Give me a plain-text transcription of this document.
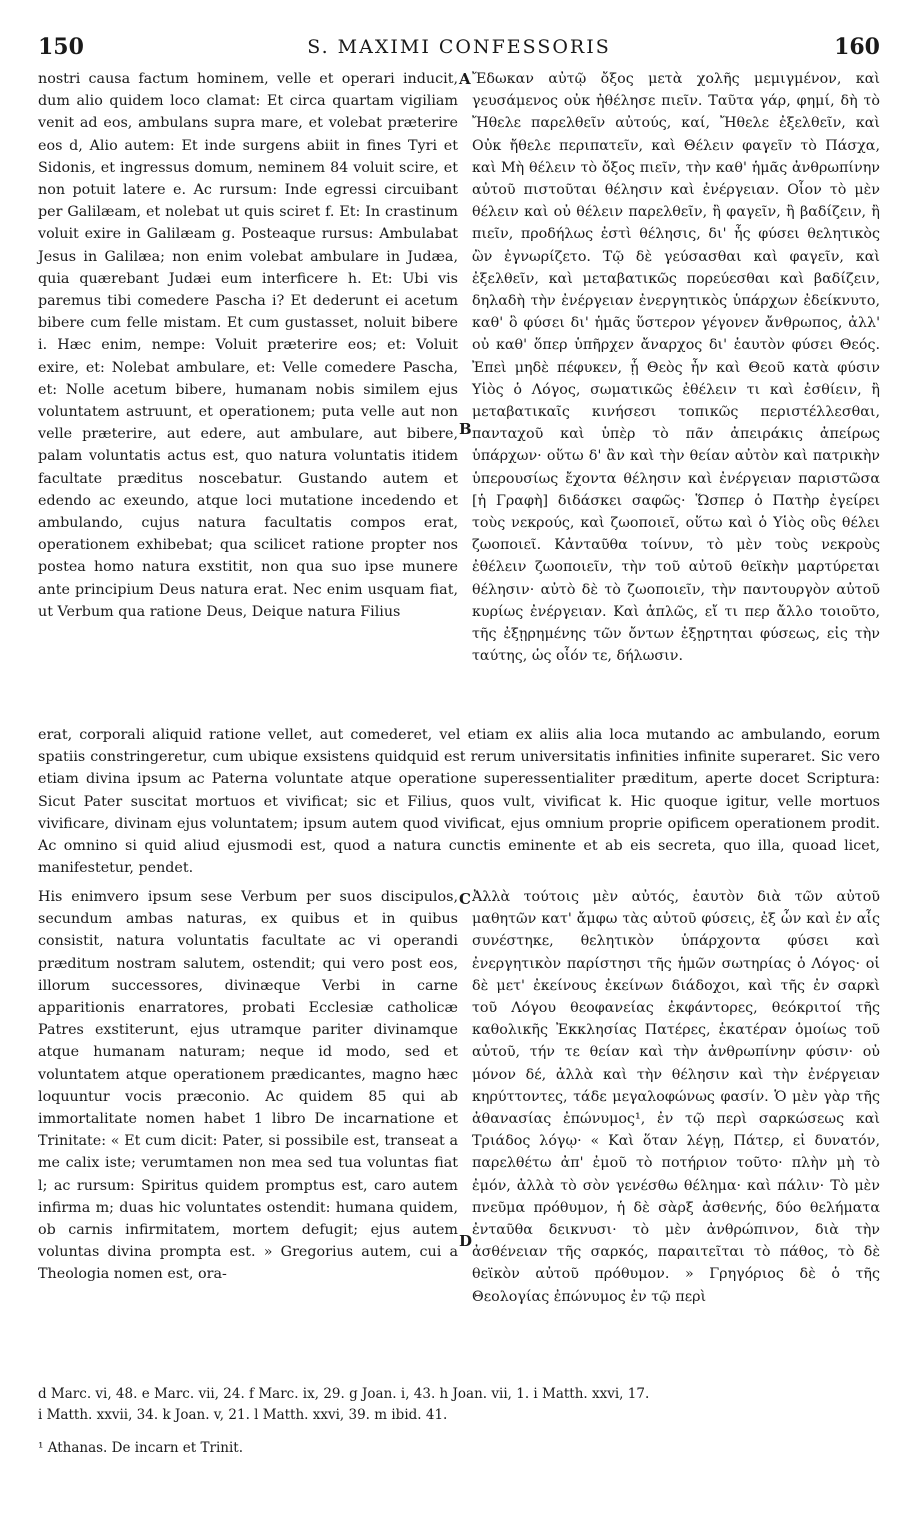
150	S. MAXIMI CONFESSORIS	160
nostri causa factum hominem, velle et operari inducit, dum alio quidem loco clamat: Et circa quartam vigiliam venit ad eos, ambulans supra mare, et volebat præterire eos d, Alio autem: Et inde surgens abiit in fines Tyri et Sidonis, et ingressus domum, neminem 84 voluit scire, et non potuit latere e. Ac rursum: Inde egressi circuibant per Galilæam, et nolebat ut quis sciret f. Et: In crastinum voluit exire in Galilæam g. Posteaque rursus: Ambulabat Jesus in Galilæa; non enim volebat ambulare in Judæa, quia quærebant Judæi eum interficere h. Et: Ubi vis paremus tibi comedere Pascha i? Et dederunt ei acetum bibere cum felle mistam. Et cum gustasset, noluit bibere i. Hæc enim, nempe: Voluit præterire eos; et: Voluit exire, et: Nolebat ambulare, et: Velle comedere Pascha, et: Nolle acetum bibere, humanam nobis similem ejus voluntatem astruunt, et operationem; puta velle aut non velle præterire, aut edere, aut ambulare, aut bibere, palam voluntatis actus est, quo natura voluntatis itidem facultate præditus noscebatur. Gustando autem et edendo ac exeundo, atque loci mutatione incedendo et ambulando, cujus natura facultatis compos erat, operationem exhibebat; qua scilicet ratione propter nos postea homo natura exstitit, non qua suo ipse munere ante principium Deus natura erat. Nec enim usquam fiat, ut Verbum qua ratione Deus, Deique natura Filius
A
B
Ἔδωκαν αὐτῷ ὄξος μετὰ χολῆς μεμιγμένον, καὶ γευσάμενος οὐκ ἠθέλησε πιεῖν. Ταῦτα γάρ, φημί, δὴ τὸ Ἤθελε παρελθεῖν αὐτούς, καί, Ἤθελε ἐξελθεῖν, καὶ Οὐκ ἤθελε περιπατεῖν, καὶ Θέλειν φαγεῖν τὸ Πάσχα, καὶ Μὴ θέλειν τὸ ὄξος πιεῖν, τὴν καθ' ἡμᾶς ἀνθρωπίνην αὐτοῦ πιστοῦται θέλησιν καὶ ἐνέργειαν. Οἷον τὸ μὲν θέλειν καὶ οὐ θέλειν παρελθεῖν, ἢ φαγεῖν, ἢ βαδίζειν, ἢ πιεῖν, προδήλως ἐστὶ θέλησις, δι' ἧς φύσει θελητικὸς ὢν ἐγνωρίζετο. Τῷ δὲ γεύσασθαι καὶ φαγεῖν, καὶ ἐξελθεῖν, καὶ μεταβατικῶς πορεύεσθαι καὶ βαδίζειν, δηλαδὴ τὴν ἐνέργειαν ἐνεργητικὸς ὑπάρχων ἐδείκνυτο, καθ' ὃ φύσει δι' ἡμᾶς ὕστερον γέγονεν ἄνθρωπος, ἀλλ' οὐ καθ' ὅπερ ὑπῆρχεν ἄναρχος δι' ἑαυτὸν φύσει Θεός. Ἐπεὶ μηδὲ πέφυκεν, ᾗ Θεὸς ἦν καὶ Θεοῦ κατὰ φύσιν Υἱὸς ὁ Λόγος, σωματικῶς ἐθέλειν τι καὶ ἐσθίειν, ἢ μεταβατικαῖς κινήσεσι τοπικῶς περιστέλλεσθαι, πανταχοῦ καὶ ὑπὲρ τὸ πᾶν ἀπειράκις ἀπείρως ὑπάρχων· οὕτω δ' ἂν καὶ τὴν θείαν αὐτὸν καὶ πατρικὴν ὑπερουσίως ἔχοντα θέλησιν καὶ ἐνέργειαν παριστῶσα [ἡ Γραφὴ] διδάσκει σαφῶς· Ὥσπερ ὁ Πατὴρ ἐγείρει τοὺς νεκρούς, καὶ ζωοποιεῖ, οὕτω καὶ ὁ Υἱὸς οὓς θέλει ζωοποιεῖ. Κἀνταῦθα τοίνυν, τὸ μὲν τοὺς νεκροὺς ἐθέλειν ζωοποιεῖν, τὴν τοῦ αὐτοῦ θεϊκὴν μαρτύρεται θέλησιν· αὐτὸ δὲ τὸ ζωοποιεῖν, τὴν παντουργὸν αὐτοῦ κυρίως ἐνέργειαν. Καὶ ἁπλῶς, εἴ τι περ ἄλλο τοιοῦτο, τῆς ἐξῃρημένης τῶν ὄντων ἐξῃρτηται φύσεως, εἰς τὴν ταύτης, ὡς οἷόν τε, δήλωσιν.
erat, corporali aliquid ratione vellet, aut comederet, vel etiam ex aliis alia loca mutando ac ambulando, eorum spatiis constringeretur, cum ubique exsistens quidquid est rerum universitatis infinities infinite superaret. Sic vero etiam divina ipsum ac Paterna voluntate atque operatione superessentialiter præditum, aperte docet Scriptura: Sicut Pater suscitat mortuos et vivificat; sic et Filius, quos vult, vivificat k. Hic quoque igitur, velle mortuos vivificare, divinam ejus voluntatem; ipsum autem quod vivificat, ejus omnium proprie opificem operationem prodit. Ac omnino si quid aliud ejusmodi est, quod a natura cunctis eminente et ab eis secreta, quo illa, quoad licet, manifestetur, pendet.
His enimvero ipsum sese Verbum per suos discipulos, secundum ambas naturas, ex quibus et in quibus consistit, natura voluntatis facultate ac vi operandi præditum nostram salutem, ostendit; qui vero post eos, illorum successores, divinæque Verbi in carne apparitionis enarratores, probati Ecclesiæ catholicæ Patres exstiterunt, ejus utramque pariter divinamque atque humanam naturam; neque id modo, sed et voluntatem atque operationem prædicantes, magno hæc loquuntur vocis præconio. Ac quidem 85 qui ab immortalitate nomen habet 1 libro De incarnatione et Trinitate: « Et cum dicit: Pater, si possibile est, transeat a me calix iste; verumtamen non mea sed tua voluntas fiat l; ac rursum: Spiritus quidem promptus est, caro autem infirma m; duas hic voluntates ostendit: humana quidem, ob carnis infirmitatem, mortem defugit; ejus autem voluntas divina prompta est. » Gregorius autem, cui a Theologia nomen est, ora-
C
D
Ἀλλὰ τούτοις μὲν αὐτός, ἑαυτὸν διὰ τῶν αὐτοῦ μαθητῶν κατ' ἄμφω τὰς αὐτοῦ φύσεις, ἐξ ὧν καὶ ἐν αἷς συνέστηκε, θελητικὸν ὑπάρχοντα φύσει καὶ ἐνεργητικὸν παρίστησι τῆς ἡμῶν σωτηρίας ὁ Λόγος· οἱ δὲ μετ' ἐκείνους ἐκείνων διάδοχοι, καὶ τῆς ἐν σαρκὶ τοῦ Λόγου θεοφανείας ἐκφάντορες, θεόκριτοί τῆς καθολικῆς Ἐκκλησίας Πατέρες, ἑκατέραν ὁμοίως τοῦ αὐτοῦ, τήν τε θείαν καὶ τὴν ἀνθρωπίνην φύσιν· οὐ μόνον δέ, ἀλλὰ καὶ τὴν θέλησιν καὶ τὴν ἐνέργειαν κηρύττοντες, τάδε μεγαλοφώνως φασίν. Ὁ μὲν γὰρ τῆς ἀθανασίας ἐπώνυμος¹, ἐν τῷ περὶ σαρκώσεως καὶ Τριάδος λόγῳ· « Καὶ ὅταν λέγῃ, Πάτερ, εἰ δυνατόν, παρελθέτω ἀπ' ἐμοῦ τὸ ποτήριον τοῦτο· πλὴν μὴ τὸ ἐμόν, ἀλλὰ τὸ σὸν γενέσθω θέλημα· καὶ πάλιν· Τὸ μὲν πνεῦμα πρόθυμον, ἡ δὲ σὰρξ ἀσθενής, δύο θελήματα ἐνταῦθα δεικνυσι· τὸ μὲν ἀνθρώπινον, διὰ τὴν ἀσθένειαν τῆς σαρκός, παραιτεῖται τὸ πάθος, τὸ δὲ θεϊκὸν αὐτοῦ πρόθυμον. » Γρηγόριος δὲ ὁ τῆς Θεολογίας ἐπώνυμος ἐν τῷ περὶ
d Marc. vi, 48. e Marc. vii, 24. f Marc. ix, 29. g Joan. i, 43. h Joan. vii, 1. i Matth. xxvi, 17.
i Matth. xxvii, 34. k Joan. v, 21. l Matth. xxvi, 39. m ibid. 41.
¹ Athanas. De incarn et Trinit.
